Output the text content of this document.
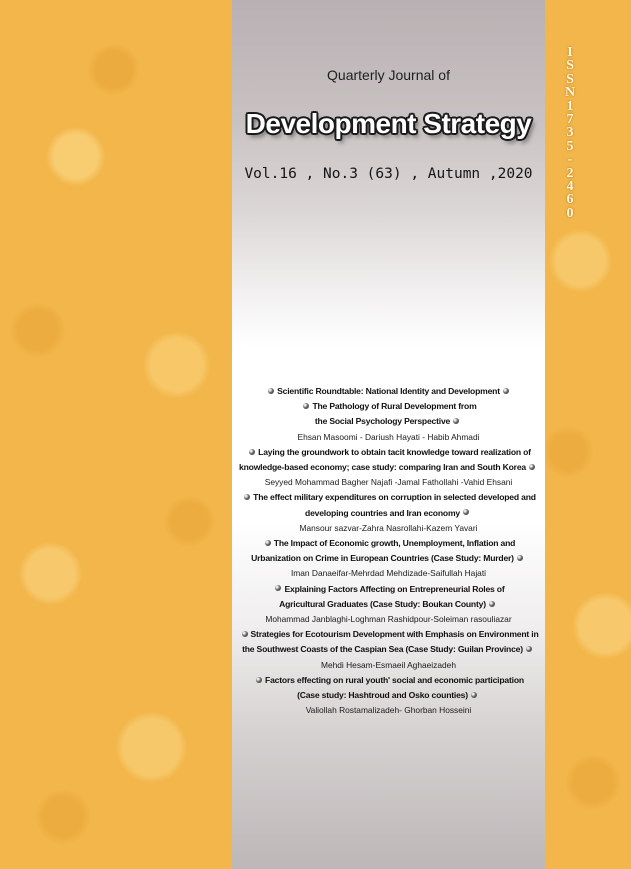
Quarterly Journal of
Development Strategy
Vol.16 , No.3 (63) , Autumn ,2020
I
S
S
N
1
7
3
5
-
2
4
6
0
Scientific Roundtable: National Identity and Development
The Pathology of Rural Development from
the Social Psychology Perspective
Ehsan Masoomi - Dariush Hayati - Habib Ahmadi
Laying the groundwork to obtain tacit knowledge toward realization of
knowledge-based economy; case study: comparing Iran and South Korea
Seyyed Mohammad Bagher Najafi -Jamal Fathollahi -Vahid Ehsani
The effect military expenditures on corruption in selected developed and
developing countries and Iran economy
Mansour sazvar-Zahra Nasrollahi-Kazem Yavari
The Impact of Economic growth, Unemployment, Inflation and
Urbanization on Crime in European Countries (Case Study: Murder)
Iman Danaeifar-Mehrdad Mehdizade-Saifullah Hajati
Explaining Factors Affecting on Entrepreneurial Roles of
Agricultural Graduates (Case Study: Boukan County)
Mohammad Janblaghi-Loghman Rashidpour-Soleiman rasouliazar
Strategies for Ecotourism Development with Emphasis on Environment in
the Southwest Coasts of the Caspian Sea (Case Study: Guilan Province)
Mehdi Hesam-Esmaeil Aghaeizadeh
Factors effecting on rural youth' social and economic participation
(Case study: Hashtroud and Osko counties)
Valiollah Rostamalizadeh- Ghorban Hosseini
